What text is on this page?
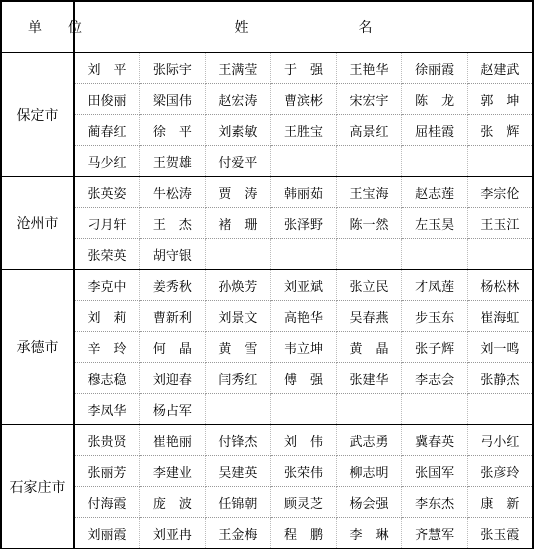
单位	姓 名						
保定市	刘　平	张际宇	王满莹	于　强	王艳华	徐丽霞	赵建武
	田俊丽	梁国伟	赵宏涛	曹滨彬	宋宏宇	陈　龙	郭　坤
	蔺春红	徐　平	刘素敏	王胜宝	高景红	屈桂霞	张　辉
	马少红	王贺雄	付爱平				
沧州市	张英姿	牛松涛	贾　涛	韩丽茹	王宝海	赵志莲	李宗伦
	刁月轩	王　杰	褚　珊	张泽野	陈一然	左玉昊	王玉江
	张荣英	胡守银					
承德市	李克中	姜秀秋	孙焕芳	刘亚斌	张立民	才凤莲	杨松林
	刘　莉	曹新利	刘景文	高艳华	吴春燕	步玉东	崔海虹
	辛　玲	何　晶	黄　雪	韦立坤	黄　晶	张子辉	刘一鸣
	穆志稳	刘迎春	闫秀红	傅　强	张建华	李志会	张静杰
	李凤华	杨占军					
石家庄市	张贵贤	崔艳丽	付锋杰	刘　伟	武志勇	冀春英	弓小红
	张丽芳	李建业	吴建英	张荣伟	柳志明	张国军	张彦玲
	付海霞	庞　波	任锦朝	顾灵芝	杨会强	李东杰	康　新
	刘丽霞	刘亚冉	王金梅	程　鹏	李　琳	齐慧军	张玉霞
